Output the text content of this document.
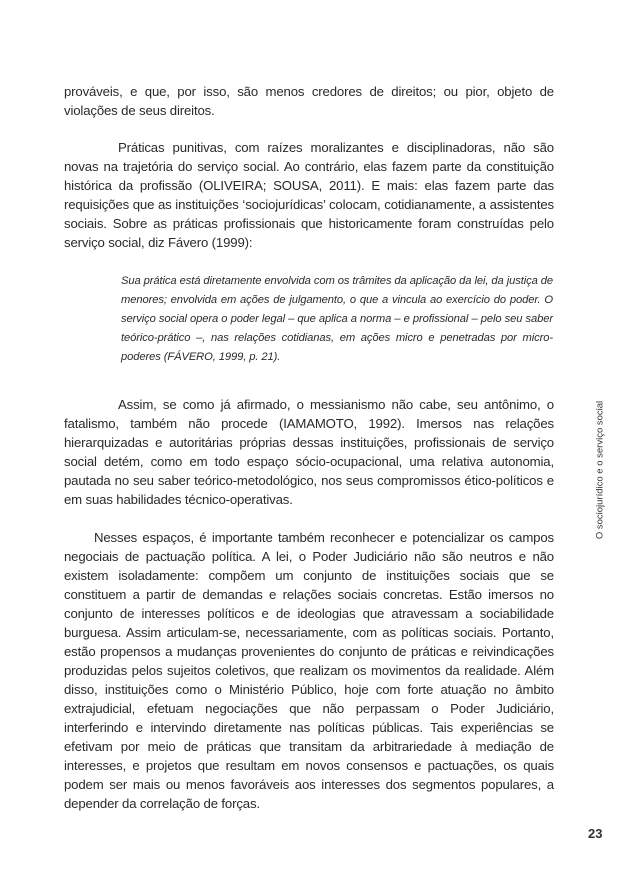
prováveis, e que, por isso, são menos credores de direitos; ou pior, objeto de violações de seus direitos.

Práticas punitivas, com raízes moralizantes e disciplinadoras, não são novas na trajetória do serviço social. Ao contrário, elas fazem parte da constituição histórica da profissão (OLIVEIRA; SOUSA, 2011). E mais: elas fazem parte das requisições que as instituições ‘sociojurídicas’ colocam, cotidianamente, a assistentes sociais. Sobre as práticas profissionais que historicamente foram construídas pelo serviço social, diz Fávero (1999):

Sua prática está diretamente envolvida com os trâmites da aplicação da lei, da justiça de menores; envolvida em ações de julgamento, o que a vincula ao exercício do poder. O serviço social opera o poder legal – que aplica a norma – e profissional – pelo seu saber teórico-prático –, nas relações cotidianas, em ações micro e penetradas por micro-poderes (FÁVERO, 1999, p. 21).

Assim, se como já afirmado, o messianismo não cabe, seu antônimo, o fatalismo, também não procede (IAMAMOTO, 1992). Imersos nas relações hierarquizadas e autoritárias próprias dessas instituições, profissionais de serviço social detém, como em todo espaço sócio-ocupacional, uma relativa autonomia, pautada no seu saber teórico-metodológico, nos seus compromissos ético-políticos e em suas habilidades técnico-operativas.

Nesses espaços, é importante também reconhecer e potencializar os campos negociais de pactuação política. A lei, o Poder Judiciário não são neutros e não existem isoladamente: compõem um conjunto de instituições sociais que se constituem a partir de demandas e relações sociais concretas. Estão imersos no conjunto de interesses políticos e de ideologias que atravessam a sociabilidade burguesa. Assim articulam-se, necessariamente, com as políticas sociais. Portanto, estão propensos a mudanças provenientes do conjunto de práticas e reivindicações produzidas pelos sujeitos coletivos, que realizam os movimentos da realidade. Além disso, instituições como o Ministério Público, hoje com forte atuação no âmbito extrajudicial, efetuam negociações que não perpassam o Poder Judiciário, interferindo e intervindo diretamente nas políticas públicas. Tais experiências se efetivam por meio de práticas que transitam da arbitrariedade à mediação de interesses, e projetos que resultam em novos consensos e pactuações, os quais podem ser mais ou menos favoráveis aos interesses dos segmentos populares, a depender da correlação de forças.

O sociojurídico e o serviço social
23
